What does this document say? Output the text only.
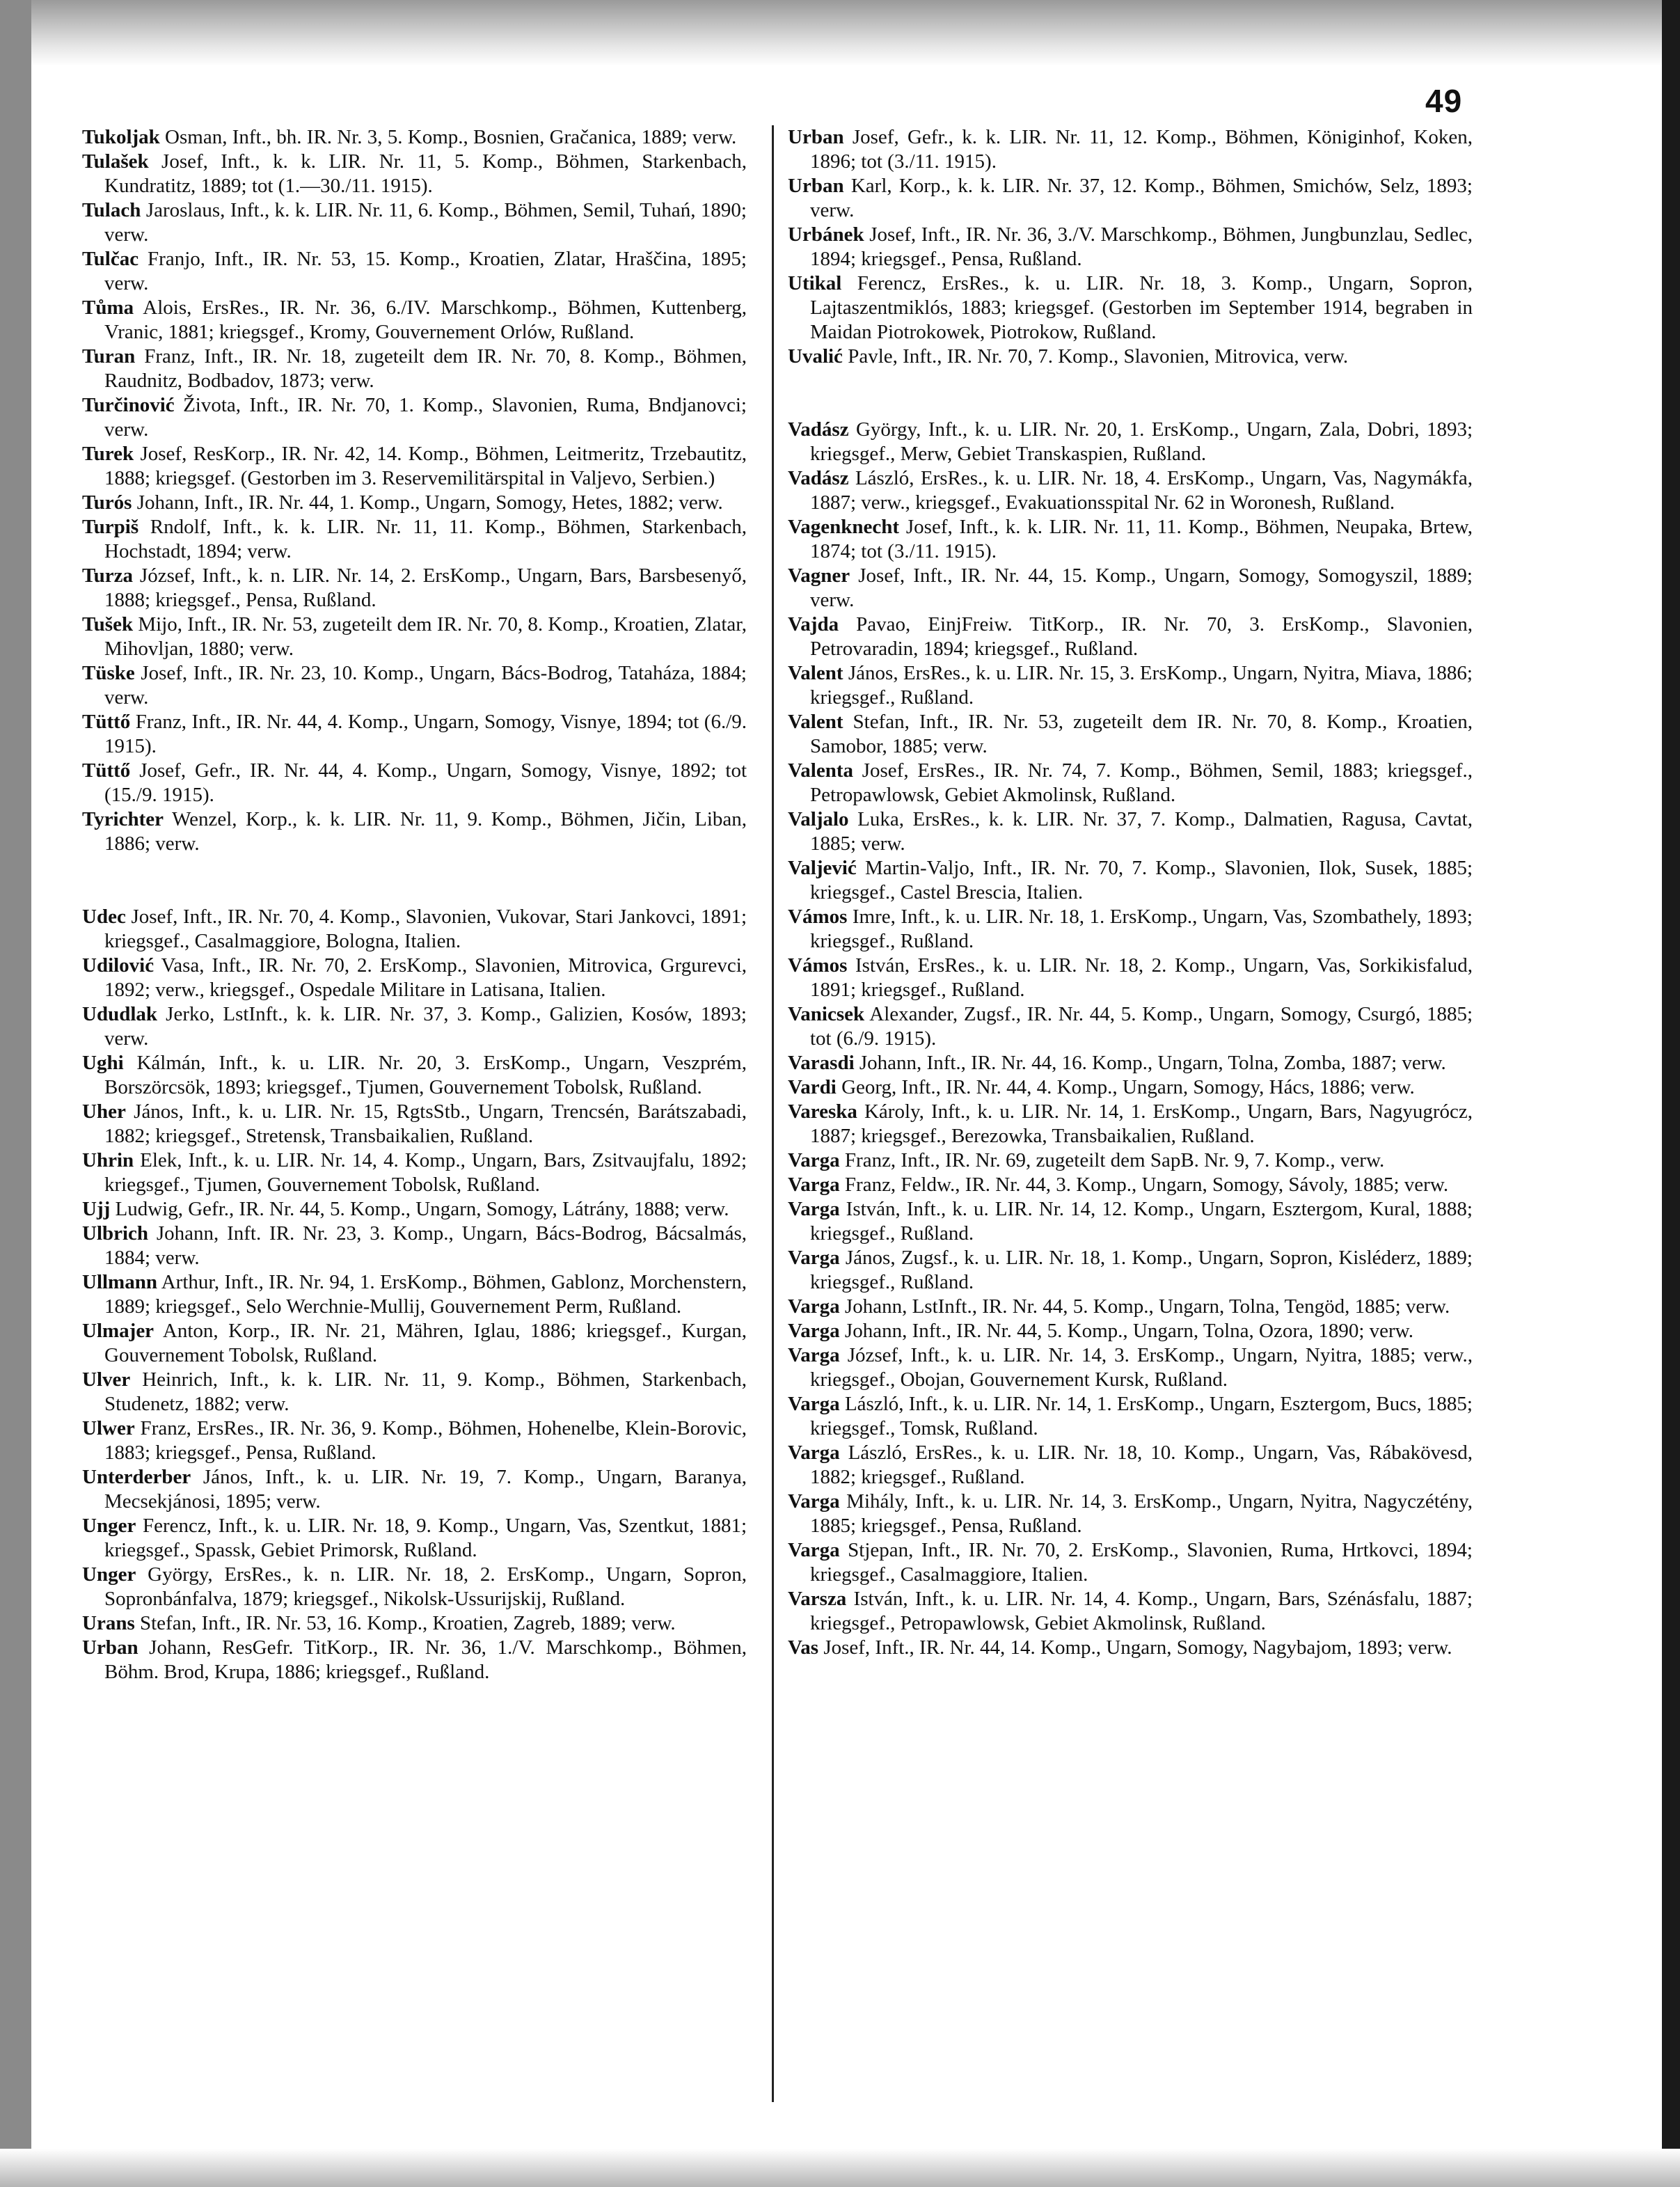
49

Tukoljak Osman, Inft., bh. IR. Nr. 3, 5. Komp., Bosnien, Gračanica, 1889; verw.

Tulašek Josef, Inft., k. k. LIR. Nr. 11, 5. Komp., Böhmen, Starkenbach, Kundratitz, 1889; tot (1.—30./11. 1915).

Tulach Jaroslaus, Inft., k. k. LIR. Nr. 11, 6. Komp., Böhmen, Semil, Tuhań, 1890; verw.

Tulčac Franjo, Inft., IR. Nr. 53, 15. Komp., Kroatien, Zlatar, Hraščina, 1895; verw.

Tůma Alois, ErsRes., IR. Nr. 36, 6./IV. Marschkomp., Böhmen, Kuttenberg, Vranic, 1881; kriegsgef., Kromy, Gouvernement Orlów, Rußland.

Turan Franz, Inft., IR. Nr. 18, zugeteilt dem IR. Nr. 70, 8. Komp., Böhmen, Raudnitz, Bodbadov, 1873; verw.

Turčinović Života, Inft., IR. Nr. 70, 1. Komp., Slavonien, Ruma, Bndjanovci; verw.

Turek Josef, ResKorp., IR. Nr. 42, 14. Komp., Böhmen, Leitmeritz, Trzebautitz, 1888; kriegsgef. (Gestorben im 3. Reservemilitärspital in Valjevo, Serbien.)

Turós Johann, Inft., IR. Nr. 44, 1. Komp., Ungarn, Somogy, Hetes, 1882; verw.

Turpiš Rndolf, Inft., k. k. LIR. Nr. 11, 11. Komp., Böhmen, Starkenbach, Hochstadt, 1894; verw.

Turza József, Inft., k. n. LIR. Nr. 14, 2. ErsKomp., Ungarn, Bars, Barsbesenyő, 1888; kriegsgef., Pensa, Rußland.

Tušek Mijo, Inft., IR. Nr. 53, zugeteilt dem IR. Nr. 70, 8. Komp., Kroatien, Zlatar, Mihovljan, 1880; verw.

Tüske Josef, Inft., IR. Nr. 23, 10. Komp., Ungarn, Bács-Bodrog, Tataháza, 1884; verw.

Tüttő Franz, Inft., IR. Nr. 44, 4. Komp., Ungarn, Somogy, Visnye, 1894; tot (6./9. 1915).

Tüttő Josef, Gefr., IR. Nr. 44, 4. Komp., Ungarn, Somogy, Visnye, 1892; tot (15./9. 1915).

Tyrichter Wenzel, Korp., k. k. LIR. Nr. 11, 9. Komp., Böhmen, Jičin, Liban, 1886; verw.

Udec Josef, Inft., IR. Nr. 70, 4. Komp., Slavonien, Vukovar, Stari Jankovci, 1891; kriegsgef., Casalmaggiore, Bologna, Italien.

Udilović Vasa, Inft., IR. Nr. 70, 2. ErsKomp., Slavonien, Mitrovica, Grgurevci, 1892; verw., kriegsgef., Ospedale Militare in Latisana, Italien.

Ududlak Jerko, LstInft., k. k. LIR. Nr. 37, 3. Komp., Galizien, Kosów, 1893; verw.

Ughi Kálmán, Inft., k. u. LIR. Nr. 20, 3. ErsKomp., Ungarn, Veszprém, Borszörcsök, 1893; kriegsgef., Tjumen, Gouvernement Tobolsk, Rußland.

Uher János, Inft., k. u. LIR. Nr. 15, RgtsStb., Ungarn, Trencsén, Barátszabadi, 1882; kriegsgef., Stretensk, Transbaikalien, Rußland.

Uhrin Elek, Inft., k. u. LIR. Nr. 14, 4. Komp., Ungarn, Bars, Zsitvaujfalu, 1892; kriegsgef., Tjumen, Gouvernement Tobolsk, Rußland.

Ujj Ludwig, Gefr., IR. Nr. 44, 5. Komp., Ungarn, Somogy, Látrány, 1888; verw.

Ulbrich Johann, Inft. IR. Nr. 23, 3. Komp., Ungarn, Bács-Bodrog, Bácsalmás, 1884; verw.

Ullmann Arthur, Inft., IR. Nr. 94, 1. ErsKomp., Böhmen, Gablonz, Morchenstern, 1889; kriegsgef., Selo Werchnie-Mullij, Gouvernement Perm, Rußland.

Ulmajer Anton, Korp., IR. Nr. 21, Mähren, Iglau, 1886; kriegsgef., Kurgan, Gouvernement Tobolsk, Rußland.

Ulver Heinrich, Inft., k. k. LIR. Nr. 11, 9. Komp., Böhmen, Starkenbach, Studenetz, 1882; verw.

Ulwer Franz, ErsRes., IR. Nr. 36, 9. Komp., Böhmen, Hohenelbe, Klein-Borovic, 1883; kriegsgef., Pensa, Rußland.

Unterderber János, Inft., k. u. LIR. Nr. 19, 7. Komp., Ungarn, Baranya, Mecsekjánosi, 1895; verw.

Unger Ferencz, Inft., k. u. LIR. Nr. 18, 9. Komp., Ungarn, Vas, Szentkut, 1881; kriegsgef., Spassk, Gebiet Primorsk, Rußland.

Unger György, ErsRes., k. n. LIR. Nr. 18, 2. ErsKomp., Ungarn, Sopron, Sopronbánfalva, 1879; kriegsgef., Nikolsk-Ussurijskij, Rußland.

Urans Stefan, Inft., IR. Nr. 53, 16. Komp., Kroatien, Zagreb, 1889; verw.

Urban Johann, ResGefr. TitKorp., IR. Nr. 36, 1./V. Marschkomp., Böhmen, Böhm. Brod, Krupa, 1886; kriegsgef., Rußland.

Urban Josef, Gefr., k. k. LIR. Nr. 11, 12. Komp., Böhmen, Königinhof, Koken, 1896; tot (3./11. 1915).

Urban Karl, Korp., k. k. LIR. Nr. 37, 12. Komp., Böhmen, Smichów, Selz, 1893; verw.

Urbánek Josef, Inft., IR. Nr. 36, 3./V. Marschkomp., Böhmen, Jungbunzlau, Sedlec, 1894; kriegsgef., Pensa, Rußland.

Utikal Ferencz, ErsRes., k. u. LIR. Nr. 18, 3. Komp., Ungarn, Sopron, Lajtaszentmiklós, 1883; kriegsgef. (Gestorben im September 1914, begraben in Maidan Piotrokowek, Piotrokow, Rußland.

Uvalić Pavle, Inft., IR. Nr. 70, 7. Komp., Slavonien, Mitrovica, verw.

Vadász György, Inft., k. u. LIR. Nr. 20, 1. ErsKomp., Ungarn, Zala, Dobri, 1893; kriegsgef., Merw, Gebiet Transkaspien, Rußland.

Vadász László, ErsRes., k. u. LIR. Nr. 18, 4. ErsKomp., Ungarn, Vas, Nagymákfa, 1887; verw., kriegsgef., Evakuationsspital Nr. 62 in Woronesh, Rußland.

Vagenknecht Josef, Inft., k. k. LIR. Nr. 11, 11. Komp., Böhmen, Neupaka, Brtew, 1874; tot (3./11. 1915).

Vagner Josef, Inft., IR. Nr. 44, 15. Komp., Ungarn, Somogy, Somogyszil, 1889; verw.

Vajda Pavao, EinjFreiw. TitKorp., IR. Nr. 70, 3. ErsKomp., Slavonien, Petrovaradin, 1894; kriegsgef., Rußland.

Valent János, ErsRes., k. u. LIR. Nr. 15, 3. ErsKomp., Ungarn, Nyitra, Miava, 1886; kriegsgef., Rußland.

Valent Stefan, Inft., IR. Nr. 53, zugeteilt dem IR. Nr. 70, 8. Komp., Kroatien, Samobor, 1885; verw.

Valenta Josef, ErsRes., IR. Nr. 74, 7. Komp., Böhmen, Semil, 1883; kriegsgef., Petropawlowsk, Gebiet Akmolinsk, Rußland.

Valjalo Luka, ErsRes., k. k. LIR. Nr. 37, 7. Komp., Dalmatien, Ragusa, Cavtat, 1885; verw.

Valjević Martin-Valjo, Inft., IR. Nr. 70, 7. Komp., Slavonien, Ilok, Susek, 1885; kriegsgef., Castel Brescia, Italien.

Vámos Imre, Inft., k. u. LIR. Nr. 18, 1. ErsKomp., Ungarn, Vas, Szombathely, 1893; kriegsgef., Rußland.

Vámos István, ErsRes., k. u. LIR. Nr. 18, 2. Komp., Ungarn, Vas, Sorkikisfalud, 1891; kriegsgef., Rußland.

Vanicsek Alexander, Zugsf., IR. Nr. 44, 5. Komp., Ungarn, Somogy, Csurgó, 1885; tot (6./9. 1915).

Varasdi Johann, Inft., IR. Nr. 44, 16. Komp., Ungarn, Tolna, Zomba, 1887; verw.

Vardi Georg, Inft., IR. Nr. 44, 4. Komp., Ungarn, Somogy, Hács, 1886; verw.

Vareska Károly, Inft., k. u. LIR. Nr. 14, 1. ErsKomp., Ungarn, Bars, Nagyugrócz, 1887; kriegsgef., Berezowka, Transbaikalien, Rußland.

Varga Franz, Inft., IR. Nr. 69, zugeteilt dem SapB. Nr. 9, 7. Komp., verw.

Varga Franz, Feldw., IR. Nr. 44, 3. Komp., Ungarn, Somogy, Sávoly, 1885; verw.

Varga István, Inft., k. u. LIR. Nr. 14, 12. Komp., Ungarn, Esztergom, Kural, 1888; kriegsgef., Rußland.

Varga János, Zugsf., k. u. LIR. Nr. 18, 1. Komp., Ungarn, Sopron, Kisléderz, 1889; kriegsgef., Rußland.

Varga Johann, LstInft., IR. Nr. 44, 5. Komp., Ungarn, Tolna, Tengöd, 1885; verw.

Varga Johann, Inft., IR. Nr. 44, 5. Komp., Ungarn, Tolna, Ozora, 1890; verw.

Varga József, Inft., k. u. LIR. Nr. 14, 3. ErsKomp., Ungarn, Nyitra, 1885; verw., kriegsgef., Obojan, Gouvernement Kursk, Rußland.

Varga László, Inft., k. u. LIR. Nr. 14, 1. ErsKomp., Ungarn, Esztergom, Bucs, 1885; kriegsgef., Tomsk, Rußland.

Varga László, ErsRes., k. u. LIR. Nr. 18, 10. Komp., Ungarn, Vas, Rábakövesd, 1882; kriegsgef., Rußland.

Varga Mihály, Inft., k. u. LIR. Nr. 14, 3. ErsKomp., Ungarn, Nyitra, Nagyczétény, 1885; kriegsgef., Pensa, Rußland.

Varga Stjepan, Inft., IR. Nr. 70, 2. ErsKomp., Slavonien, Ruma, Hrtkovci, 1894; kriegsgef., Casalmaggiore, Italien.

Varsza István, Inft., k. u. LIR. Nr. 14, 4. Komp., Ungarn, Bars, Szénásfalu, 1887; kriegsgef., Petropawlowsk, Gebiet Akmolinsk, Rußland.

Vas Josef, Inft., IR. Nr. 44, 14. Komp., Ungarn, Somogy, Nagybajom, 1893; verw.
